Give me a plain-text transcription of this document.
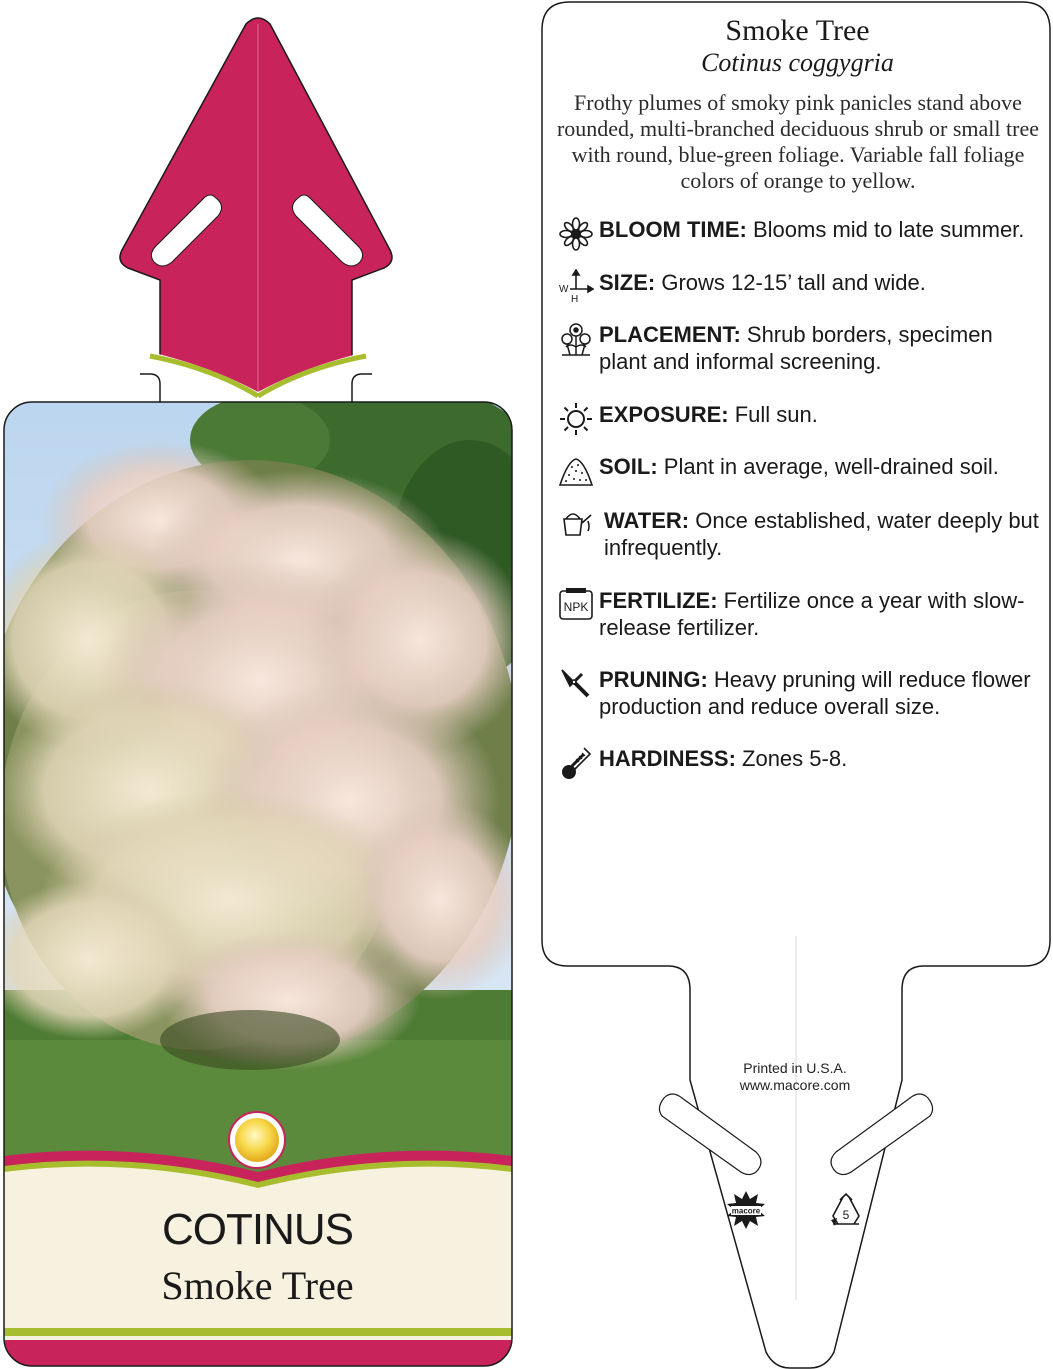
Smoke Tree
Cotinus coggygria
Frothy plumes of smoky pink panicles stand above rounded, multi-branched deciduous shrub or small tree with round, blue-green foliage. Variable fall foliage colors of orange to yellow.
BLOOM TIME: Blooms mid to late summer.
W
H
SIZE: Grows 12-15’ tall and wide.
PLACEMENT: Shrub borders, specimen plant and informal screening.
EXPOSURE: Full sun.
SOIL: Plant in average, well-drained soil.
WATER: Once established, water deeply but infrequently.
NPK FERTILIZE: Fertilize once a year with slow-release fertilizer.
PRUNING: Heavy pruning will reduce flower production and reduce overall size.
HARDINESS: Zones 5-8.
Printed in U.S.A.
www.macore.com
macore	5
COTINUS
Smoke Tree
